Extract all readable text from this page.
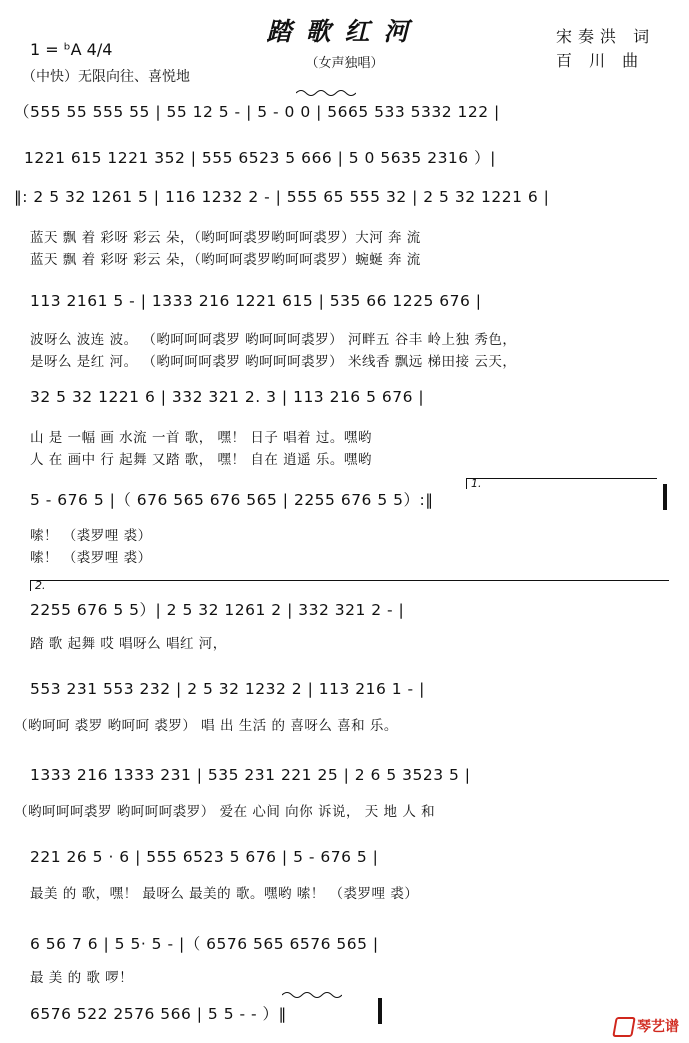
踏歌红河
（女声独唱）
宋奏洪 词
百 川 曲
1 = ᵇA 4/4
（中快）无限向往、喜悦地
（555 55 555 55 | 55 12 5 - | 5 - 0 0 | 5665 533 5332 122 |
1221 615 1221 352 | 555 6523 5 666 | 5 0 5635 2316 ）|
‖: 2 5 32 1261 5 | 116 1232 2 - | 555 65 555 32 | 2 5 32 1221 6 |
蓝天 飘 着 彩呀 彩云 朵，（哟呵呵裘罗哟呵呵裘罗）大河 奔 流
蓝天 飘 着 彩呀 彩云 朵，（哟呵呵裘罗哟呵呵裘罗）蜿蜒 奔 流
113 2161 5 - | 1333 216 1221 615 | 535 66 1225 676 |
波呀么 波连 波。 （哟呵呵呵裘罗 哟呵呵呵裘罗） 河畔五 谷丰 岭上独 秀色，
是呀么 是红 河。 （哟呵呵呵裘罗 哟呵呵呵裘罗） 米线香 飘远 梯田接 云天，
32 5 32 1221 6 | 332 321 2. 3 | 113 216 5 676 |
山 是 一幅 画 水流 一首 歌， 嘿！ 日子 唱着 过。嘿哟
人 在 画中 行 起舞 又踏 歌， 嘿！ 自在 逍遥 乐。嘿哟
1.
5 - 676 5 |（ 676 565 676 565 | 2255 676 5 5）:‖
嗦！ （裘罗哩 裘）
嗦！ （裘罗哩 裘）
2.
2255 676 5 5）| 2 5 32 1261 2 | 332 321 2 - |
踏 歌 起舞 哎 唱呀么 唱红 河，
553 231 553 232 | 2 5 32 1232 2 | 113 216 1 - |
（哟呵呵 裘罗 哟呵呵 裘罗） 唱 出 生活 的 喜呀么 喜和 乐。
1333 216 1333 231 | 535 231 221 25 | 2 6 5 3523 5 |
（哟呵呵呵裘罗 哟呵呵呵裘罗） 爱在 心间 向你 诉说， 天 地 人 和
221 26 5 · 6 | 555 6523 5 676 | 5 - 676 5 |
最美 的 歌，嘿！ 最呀么 最美的 歌。嘿哟 嗦！ （裘罗哩 裘）
6 56 7 6 | 5 5· 5 - |（ 6576 565 6576 565 |
最 美 的 歌 啰！
6576 522 2576 566 | 5 5 - - ）‖
琴艺谱
